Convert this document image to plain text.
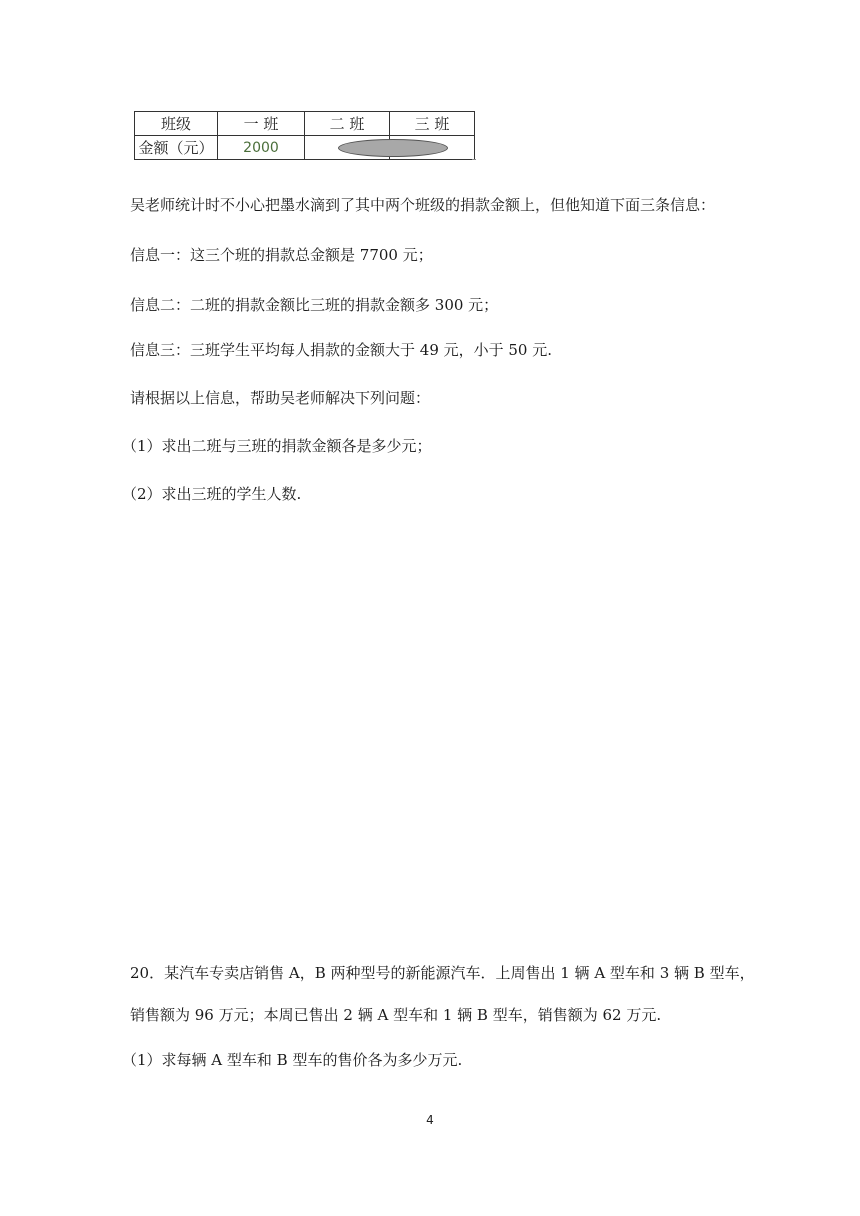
班级	一 班	二 班	三 班
金额（元）	2000	

吴老师统计时不小心把墨水滴到了其中两个班级的捐款金额上，但他知道下面三条信息：

信息一：这三个班的捐款总金额是 7700 元；

信息二：二班的捐款金额比三班的捐款金额多 300 元；

信息三：三班学生平均每人捐款的金额大于 49 元，小于 50 元.

请根据以上信息，帮助吴老师解决下列问题：

（1）求出二班与三班的捐款金额各是多少元；

（2）求出三班的学生人数.

20．某汽车专卖店销售 A，B 两种型号的新能源汽车．上周售出 1 辆 A 型车和 3 辆 B 型车，

销售额为 96 万元；本周已售出 2 辆 A 型车和 1 辆 B 型车，销售额为 62 万元.

（1）求每辆 A 型车和 B 型车的售价各为多少万元.

4
